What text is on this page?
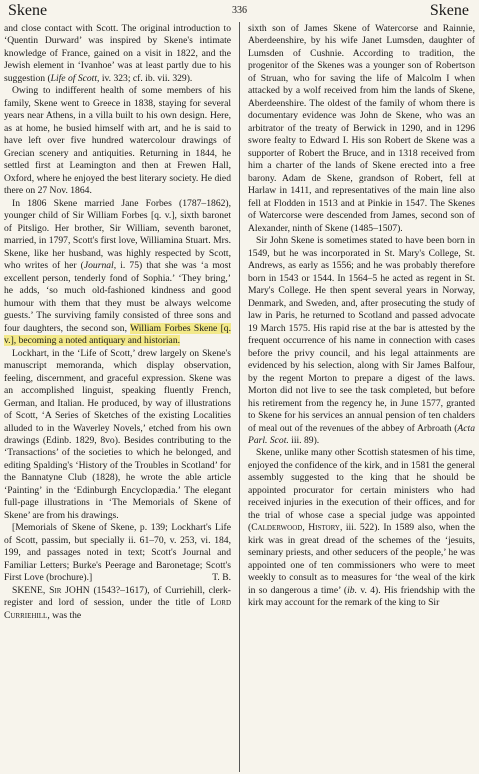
Skene	336	Skene

and close contact with Scott. The original introduction to ‘Quentin Durward’ was inspired by Skene's intimate knowledge of France, gained on a visit in 1822, and the Jewish element in ‘Ivanhoe’ was at least partly due to his suggestion (Life of Scott, iv. 323; cf. ib. vii. 329).

Owing to indifferent health of some members of his family, Skene went to Greece in 1838, staying for several years near Athens, in a villa built to his own design. Here, as at home, he busied himself with art, and he is said to have left over five hundred watercolour drawings of Grecian scenery and antiquities. Returning in 1844, he settled first at Leamington and then at Frewen Hall, Oxford, where he enjoyed the best literary society. He died there on 27 Nov. 1864.

In 1806 Skene married Jane Forbes (1787–1862), younger child of Sir William Forbes [q. v.], sixth baronet of Pitsligo. Her brother, Sir William, seventh baronet, married, in 1797, Scott's first love, Williamina Stuart. Mrs. Skene, like her husband, was highly respected by Scott, who writes of her (Journal, i. 75) that she was ‘a most excellent person, tenderly fond of Sophia.’ ‘They bring,’ he adds, ‘so much old-fashioned kindness and good humour with them that they must be always welcome guests.’ The surviving family consisted of three sons and four daughters, the second son, William Forbes Skene [q. v.], becoming a noted antiquary and historian.

Lockhart, in the ‘Life of Scott,’ drew largely on Skene's manuscript memoranda, which display observation, feeling, discernment, and graceful expression. Skene was an accomplished linguist, speaking fluently French, German, and Italian. He produced, by way of illustrations of Scott, ‘A Series of Sketches of the existing Localities alluded to in the Waverley Novels,’ etched from his own drawings (Edinb. 1829, 8vo). Besides contributing to the ‘Transactions’ of the societies to which he belonged, and editing Spalding's ‘History of the Troubles in Scotland’ for the Bannatyne Club (1828), he wrote the able article ‘Painting’ in the ‘Edinburgh Encyclopædia.’ The elegant full-page illustrations in ‘The Memorials of Skene of Skene’ are from his drawings.

[Memorials of Skene of Skene, p. 139; Lockhart's Life of Scott, passim, but specially ii. 61–70, v. 253, vi. 184, 199, and passages noted in text; Scott's Journal and Familiar Letters; Burke's Peerage and Baronetage; Scott's First Love (brochure).]	T. B.

SKENE, Sir JOHN (1543?–1617), of Curriehill, clerk-register and lord of session, under the title of Lord Curriehill, was the

sixth son of James Skene of Watercorse and Rainnie, Aberdeenshire, by his wife Janet Lumsden, daughter of Lumsden of Cushnie. According to tradition, the progenitor of the Skenes was a younger son of Robertson of Struan, who for saving the life of Malcolm I when attacked by a wolf received from him the lands of Skene, Aberdeenshire. The oldest of the family of whom there is documentary evidence was John de Skene, who was an arbitrator of the treaty of Berwick in 1290, and in 1296 swore fealty to Edward I. His son Robert de Skene was a supporter of Robert the Bruce, and in 1318 received from him a charter of the lands of Skene erected into a free barony. Adam de Skene, grandson of Robert, fell at Harlaw in 1411, and representatives of the main line also fell at Flodden in 1513 and at Pinkie in 1547. The Skenes of Watercorse were descended from James, second son of Alexander, ninth of Skene (1485–1507).

Sir John Skene is sometimes stated to have been born in 1549, but he was incorporated in St. Mary's College, St. Andrews, as early as 1556; and he was probably therefore born in 1543 or 1544. In 1564–5 he acted as regent in St. Mary's College. He then spent several years in Norway, Denmark, and Sweden, and, after prosecuting the study of law in Paris, he returned to Scotland and passed advocate 19 March 1575. His rapid rise at the bar is attested by the frequent occurrence of his name in connection with cases before the privy council, and his legal attainments are evidenced by his selection, along with Sir James Balfour, by the regent Morton to prepare a digest of the laws. Morton did not live to see the task completed, but before his retirement from the regency he, in June 1577, granted to Skene for his services an annual pension of ten chalders of meal out of the revenues of the abbey of Arbroath (Acta Parl. Scot. iii. 89).

Skene, unlike many other Scottish statesmen of his time, enjoyed the confidence of the kirk, and in 1581 the general assembly suggested to the king that he should be appointed procurator for certain ministers who had received injuries in the execution of their offices, and for the trial of whose case a special judge was appointed (Calderwood, History, iii. 522). In 1589 also, when the kirk was in great dread of the schemes of the ‘jesuits, seminary priests, and other seducers of the people,’ he was appointed one of ten commissioners who were to meet weekly to consult as to measures for ‘the weal of the kirk in so dangerous a time’ (ib. v. 4). His friendship with the kirk may account for the remark of the king to Sir
